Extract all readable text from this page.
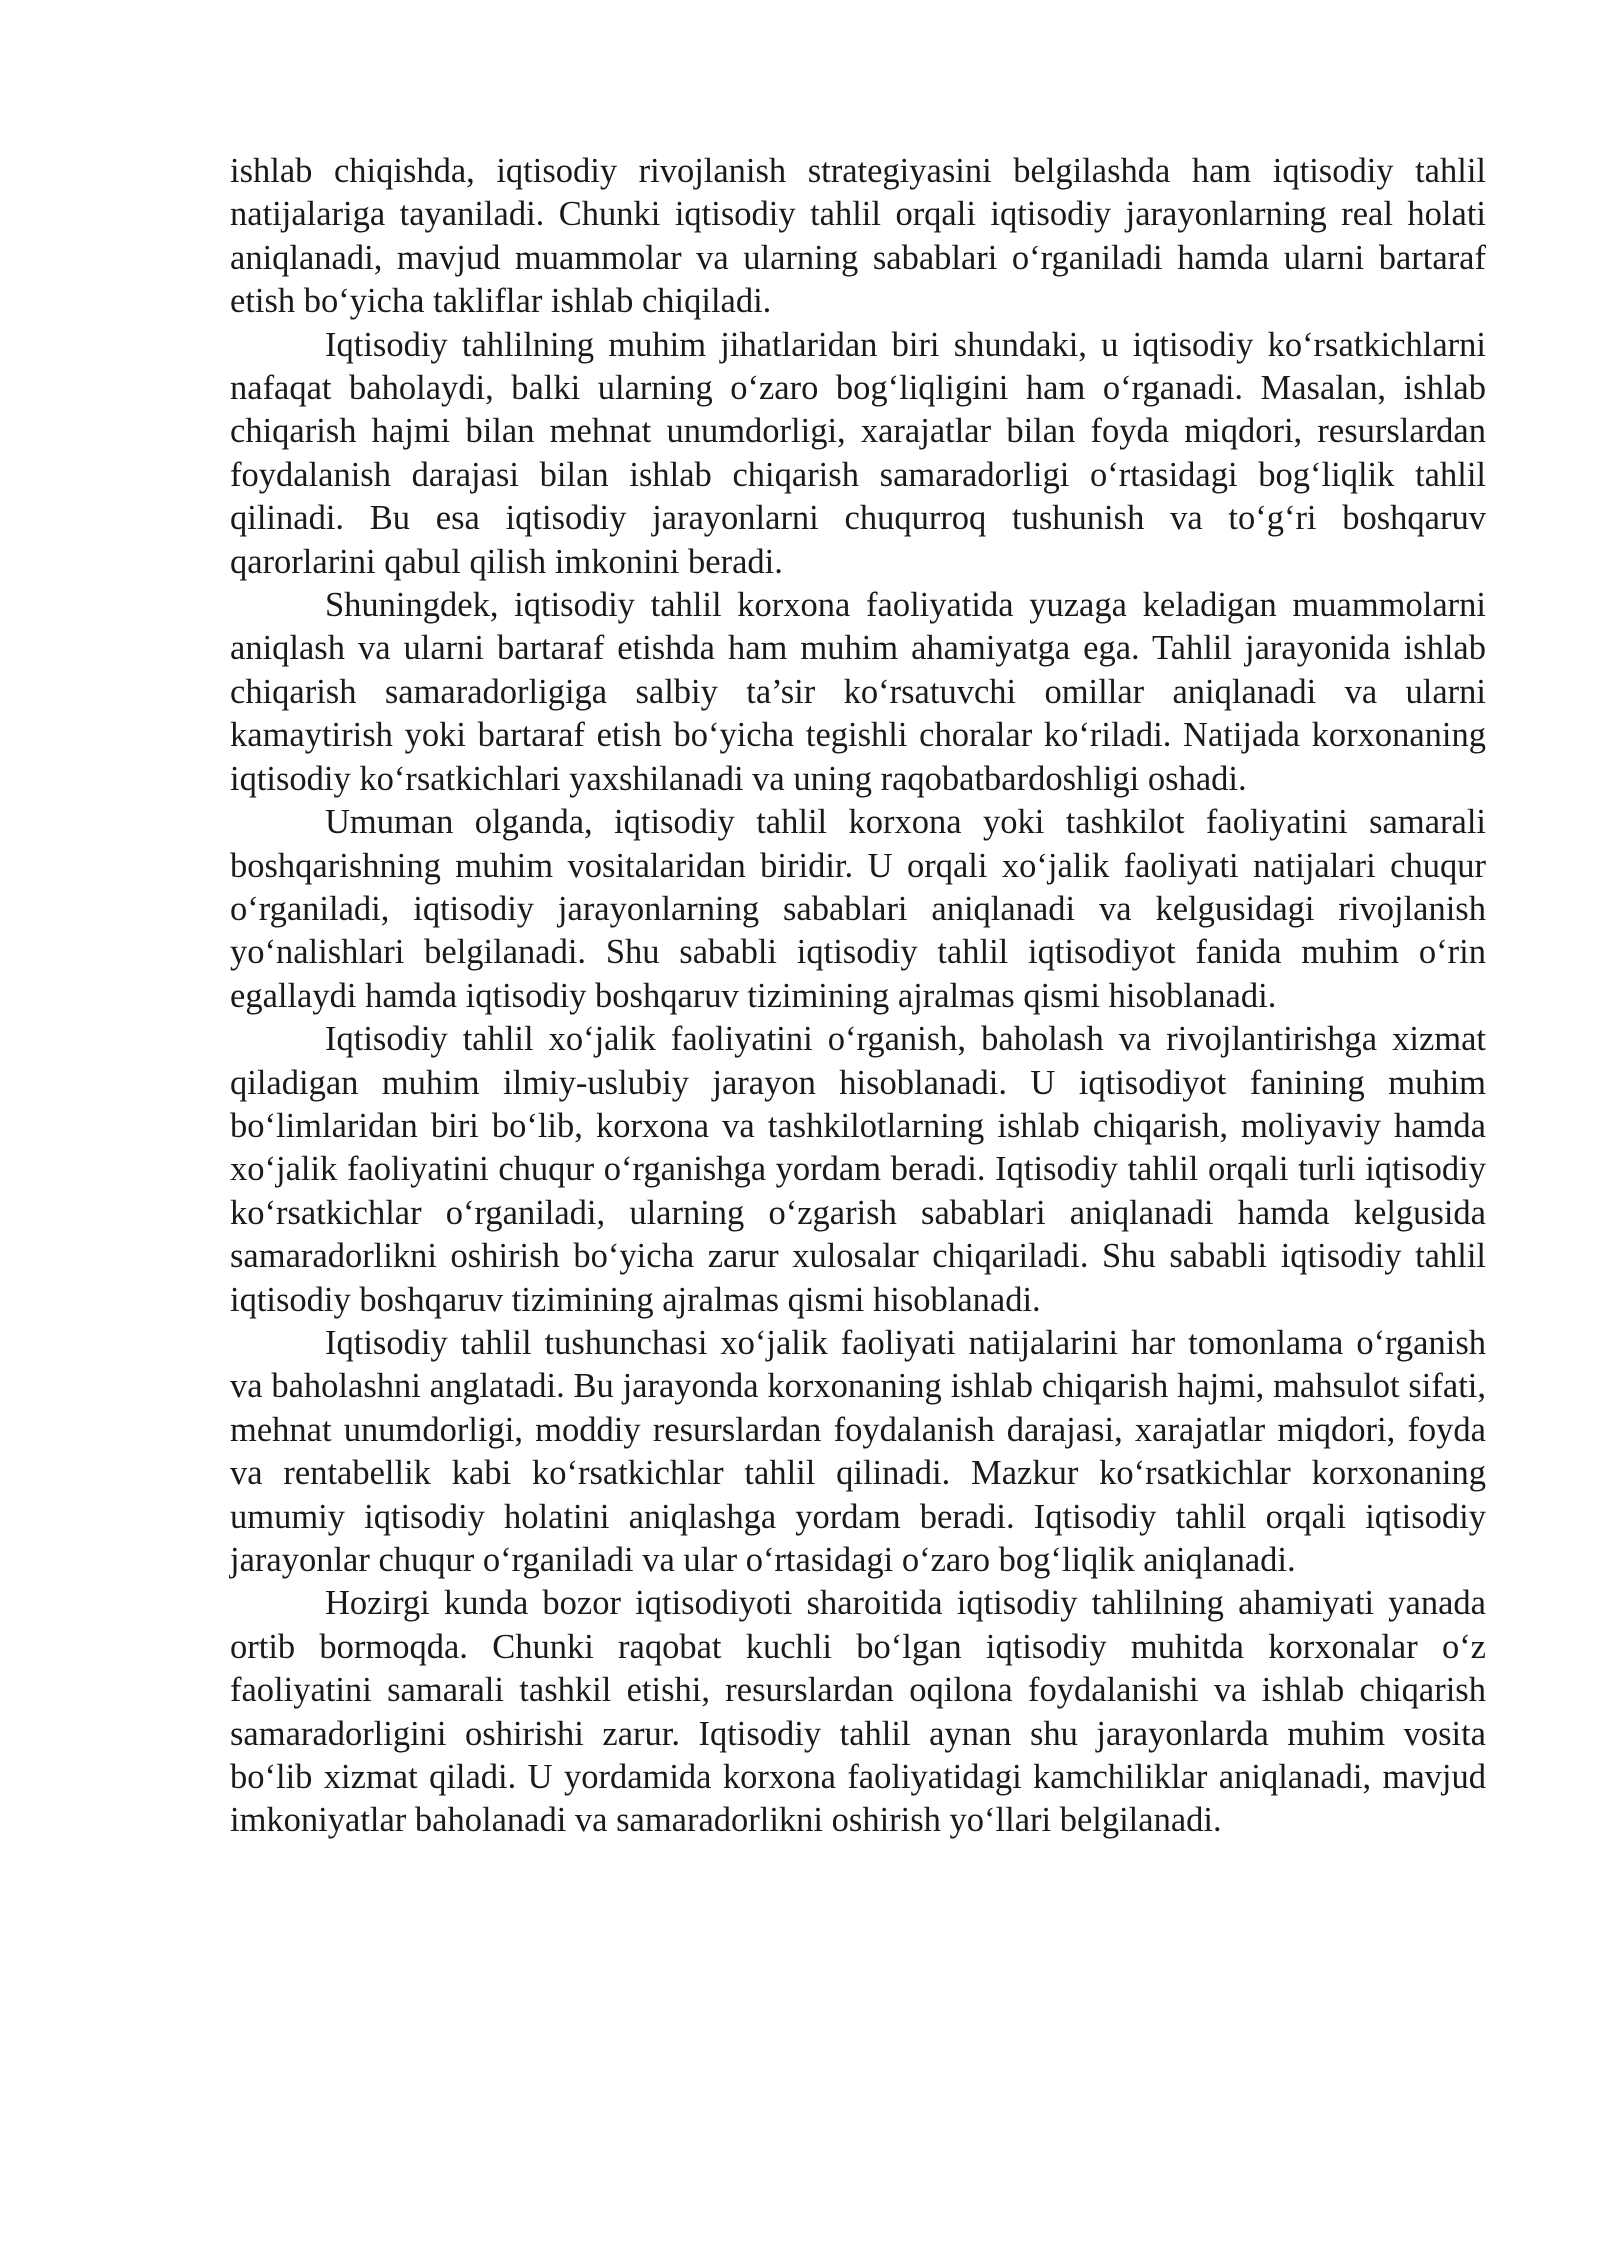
ishlab chiqishda, iqtisodiy rivojlanish strategiyasini belgilashda ham iqtisodiy tahlil natijalariga tayaniladi. Chunki iqtisodiy tahlil orqali iqtisodiy jarayonlarning real holati aniqlanadi, mavjud muammolar va ularning sabablari o‘rganiladi hamda ularni bartaraf etish bo‘yicha takliflar ishlab chiqiladi.

Iqtisodiy tahlilning muhim jihatlaridan biri shundaki, u iqtisodiy ko‘rsatkichlarni nafaqat baholaydi, balki ularning o‘zaro bog‘liqligini ham o‘rganadi. Masalan, ishlab chiqarish hajmi bilan mehnat unumdorligi, xarajatlar bilan foyda miqdori, resurslardan foydalanish darajasi bilan ishlab chiqarish samaradorligi o‘rtasidagi bog‘liqlik tahlil qilinadi. Bu esa iqtisodiy jarayonlarni chuqurroq tushunish va to‘g‘ri boshqaruv qarorlarini qabul qilish imkonini beradi.

Shuningdek, iqtisodiy tahlil korxona faoliyatida yuzaga keladigan muammolarni aniqlash va ularni bartaraf etishda ham muhim ahamiyatga ega. Tahlil jarayonida ishlab chiqarish samaradorligiga salbiy ta’sir ko‘rsatuvchi omillar aniqlanadi va ularni kamaytirish yoki bartaraf etish bo‘yicha tegishli choralar ko‘riladi. Natijada korxonaning iqtisodiy ko‘rsatkichlari yaxshilanadi va uning raqobatbardoshligi oshadi.

Umuman olganda, iqtisodiy tahlil korxona yoki tashkilot faoliyatini samarali boshqarishning muhim vositalaridan biridir. U orqali xo‘jalik faoliyati natijalari chuqur o‘rganiladi, iqtisodiy jarayonlarning sabablari aniqlanadi va kelgusidagi rivojlanish yo‘nalishlari belgilanadi. Shu sababli iqtisodiy tahlil iqtisodiyot fanida muhim o‘rin egallaydi hamda iqtisodiy boshqaruv tizimining ajralmas qismi hisoblanadi.

Iqtisodiy tahlil xo‘jalik faoliyatini o‘rganish, baholash va rivojlantirishga xizmat qiladigan muhim ilmiy-uslubiy jarayon hisoblanadi. U iqtisodiyot fanining muhim bo‘limlaridan biri bo‘lib, korxona va tashkilotlarning ishlab chiqarish, moliyaviy hamda xo‘jalik faoliyatini chuqur o‘rganishga yordam beradi. Iqtisodiy tahlil orqali turli iqtisodiy ko‘rsatkichlar o‘rganiladi, ularning o‘zgarish sabablari aniqlanadi hamda kelgusida samaradorlikni oshirish bo‘yicha zarur xulosalar chiqariladi. Shu sababli iqtisodiy tahlil iqtisodiy boshqaruv tizimining ajralmas qismi hisoblanadi.

Iqtisodiy tahlil tushunchasi xo‘jalik faoliyati natijalarini har tomonlama o‘rganish va baholashni anglatadi. Bu jarayonda korxonaning ishlab chiqarish hajmi, mahsulot sifati, mehnat unumdorligi, moddiy resurslardan foydalanish darajasi, xarajatlar miqdori, foyda va rentabellik kabi ko‘rsatkichlar tahlil qilinadi. Mazkur ko‘rsatkichlar korxonaning umumiy iqtisodiy holatini aniqlashga yordam beradi. Iqtisodiy tahlil orqali iqtisodiy jarayonlar chuqur o‘rganiladi va ular o‘rtasidagi o‘zaro bog‘liqlik aniqlanadi.

Hozirgi kunda bozor iqtisodiyoti sharoitida iqtisodiy tahlilning ahamiyati yanada ortib bormoqda. Chunki raqobat kuchli bo‘lgan iqtisodiy muhitda korxonalar o‘z faoliyatini samarali tashkil etishi, resurslardan oqilona foydalanishi va ishlab chiqarish samaradorligini oshirishi zarur. Iqtisodiy tahlil aynan shu jarayonlarda muhim vosita bo‘lib xizmat qiladi. U yordamida korxona faoliyatidagi kamchiliklar aniqlanadi, mavjud imkoniyatlar baholanadi va samaradorlikni oshirish yo‘llari belgilanadi.
